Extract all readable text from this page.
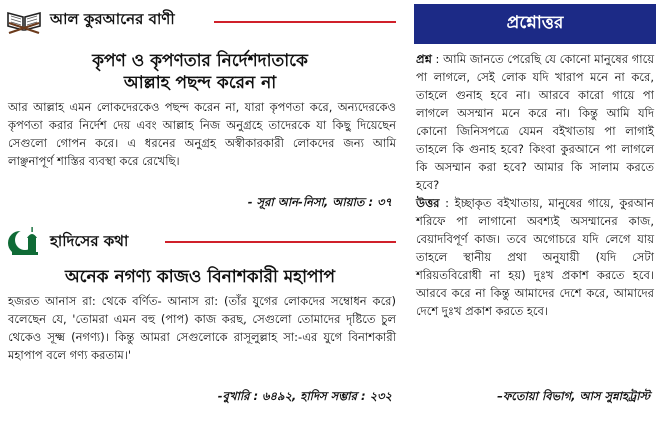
আল কুরআনের বাণী
কৃপণ ও কৃপণতার নির্দেশদাতাকে
আল্লাহ পছন্দ করেন না
আর আল্লাহ এমন লোকদেরকেও পছন্দ করেন না, যারা কৃপণতা করে, অন্যদেরকেও কৃপণতা করার নির্দেশ দেয় এবং আল্লাহ নিজ অনুগ্রহে তাদেরকে যা কিছু দিয়েছেন সেগুলো গোপন করে। এ ধরনের অনুগ্রহ অস্বীকারকারী লোকদের জন্য আমি লাঞ্ছনাপূর্ণ শাস্তির ব্যবস্থা করে রেখেছি।
- সূরা আন-নিসা, আয়াত : ৩৭
হাদিসের কথা
অনেক নগণ্য কাজও বিনাশকারী মহাপাপ
হজরত আনাস রা: থেকে বর্ণিত- আনাস রা: (তাঁর যুগের লোকদের সম্বোধন করে) বলেছেন যে, 'তোমরা এমন বহু (পাপ) কাজ করছ, সেগুলো তোমাদের দৃষ্টিতে চুল থেকেও সূক্ষ্ম (নগণ্য)। কিন্তু আমরা সেগুলোকে রাসূলুল্লাহ সা:-এর যুগে বিনাশকারী মহাপাপ বলে গণ্য করতাম।'
-বুখারি : ৬৪৯২, হাদিস সম্ভার : ২৩২
প্রশ্নোত্তর
প্রশ্ন : আমি জানতে পেরেছি যে কোনো মানুষের গায়ে পা লাগলে, সেই লোক যদি খারাপ মনে না করে, তাহলে গুনাহ হবে না। আরবে কারো গায়ে পা লাগলে অসম্মান মনে করে না। কিন্তু আমি যদি কোনো জিনিসপত্রে যেমন বইখাতায় পা লাগাই তাহলে কি গুনাহ হবে? কিংবা কুরআনে পা লাগলে কি অসম্মান করা হবে? আমার কি সালাম করতে হবে?
উত্তর : ইচ্ছাকৃত বইখাতায়, মানুষের গায়ে, কুরআন শরিফে পা লাগানো অবশ্যই অসম্মানের কাজ, বেয়াদবিপূর্ণ কাজ। তবে অগোচরে যদি লেগে যায় তাহলে স্থানীয় প্রথা অনুযায়ী (যদি সেটা শরিয়তবিরোধী না হয়) দুঃখ প্রকাশ করতে হবে। আরবে করে না কিন্তু আমাদের দেশে করে, আমাদের দেশে দুঃখ প্রকাশ করতে হবে।
–ফতোয়া বিভাগ, আস সুন্নাহট্রাস্ট
